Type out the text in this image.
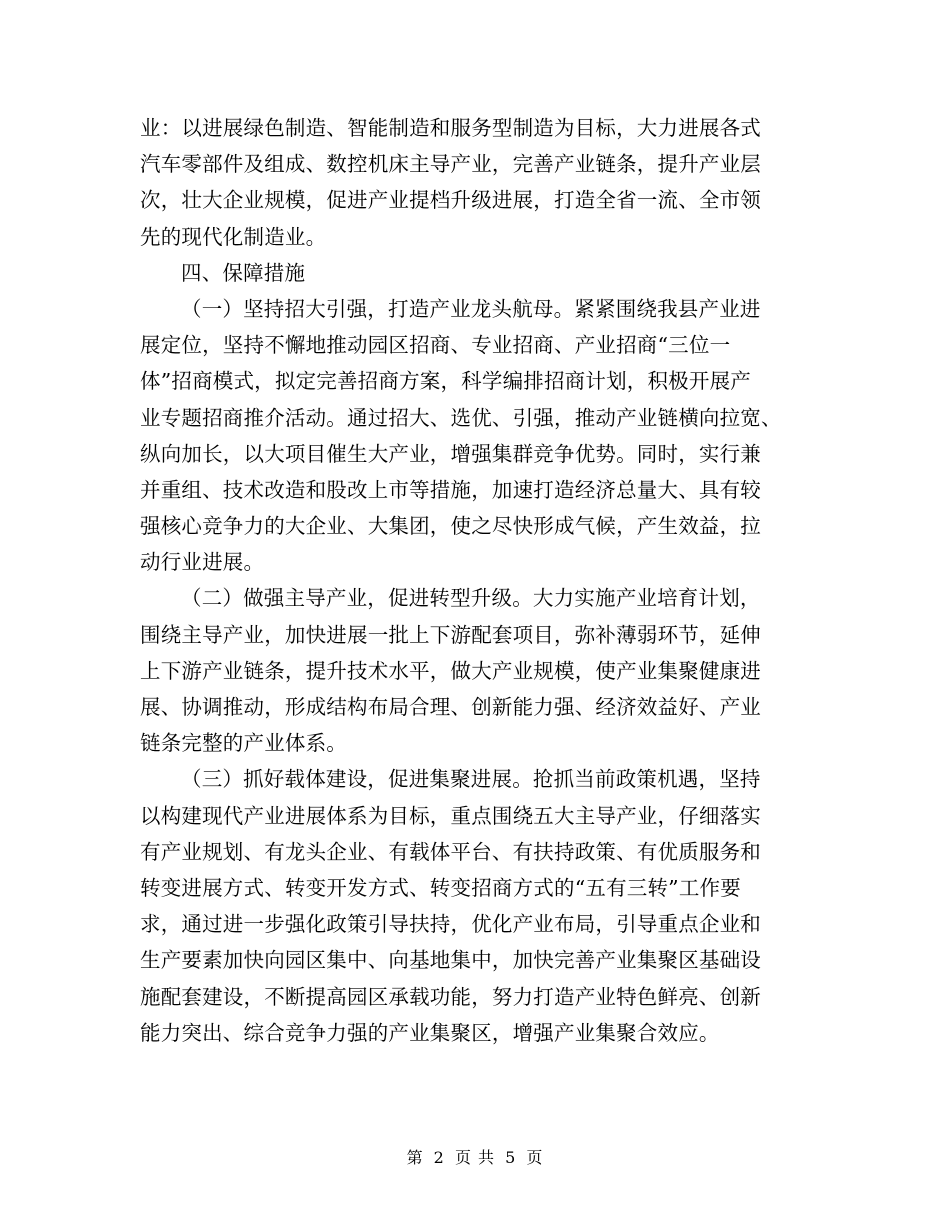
业：以进展绿色制造、智能制造和服务型制造为目标，大力进展各式
汽车零部件及组成、数控机床主导产业，完善产业链条，提升产业层
次，壮大企业规模，促进产业提档升级进展，打造全省一流、全市领
先的现代化制造业。
四、保障措施
（一）坚持招大引强，打造产业龙头航母。紧紧围绕我县产业进
展定位，坚持不懈地推动园区招商、专业招商、产业招商“三位一
体”招商模式，拟定完善招商方案，科学编排招商计划，积极开展产
业专题招商推介活动。通过招大、选优、引强，推动产业链横向拉宽、
纵向加长，以大项目催生大产业，增强集群竞争优势。同时，实行兼
并重组、技术改造和股改上市等措施，加速打造经济总量大、具有较
强核心竞争力的大企业、大集团，使之尽快形成气候，产生效益，拉
动行业进展。
（二）做强主导产业，促进转型升级。大力实施产业培育计划，
围绕主导产业，加快进展一批上下游配套项目，弥补薄弱环节，延伸
上下游产业链条，提升技术水平，做大产业规模，使产业集聚健康进
展、协调推动，形成结构布局合理、创新能力强、经济效益好、产业
链条完整的产业体系。
（三）抓好载体建设，促进集聚进展。抢抓当前政策机遇，坚持
以构建现代产业进展体系为目标，重点围绕五大主导产业，仔细落实
有产业规划、有龙头企业、有载体平台、有扶持政策、有优质服务和
转变进展方式、转变开发方式、转变招商方式的“五有三转”工作要
求，通过进一步强化政策引导扶持，优化产业布局，引导重点企业和
生产要素加快向园区集中、向基地集中，加快完善产业集聚区基础设
施配套建设，不断提高园区承载功能，努力打造产业特色鲜亮、创新
能力突出、综合竞争力强的产业集聚区，增强产业集聚合效应。
第 2 页 共 5 页
